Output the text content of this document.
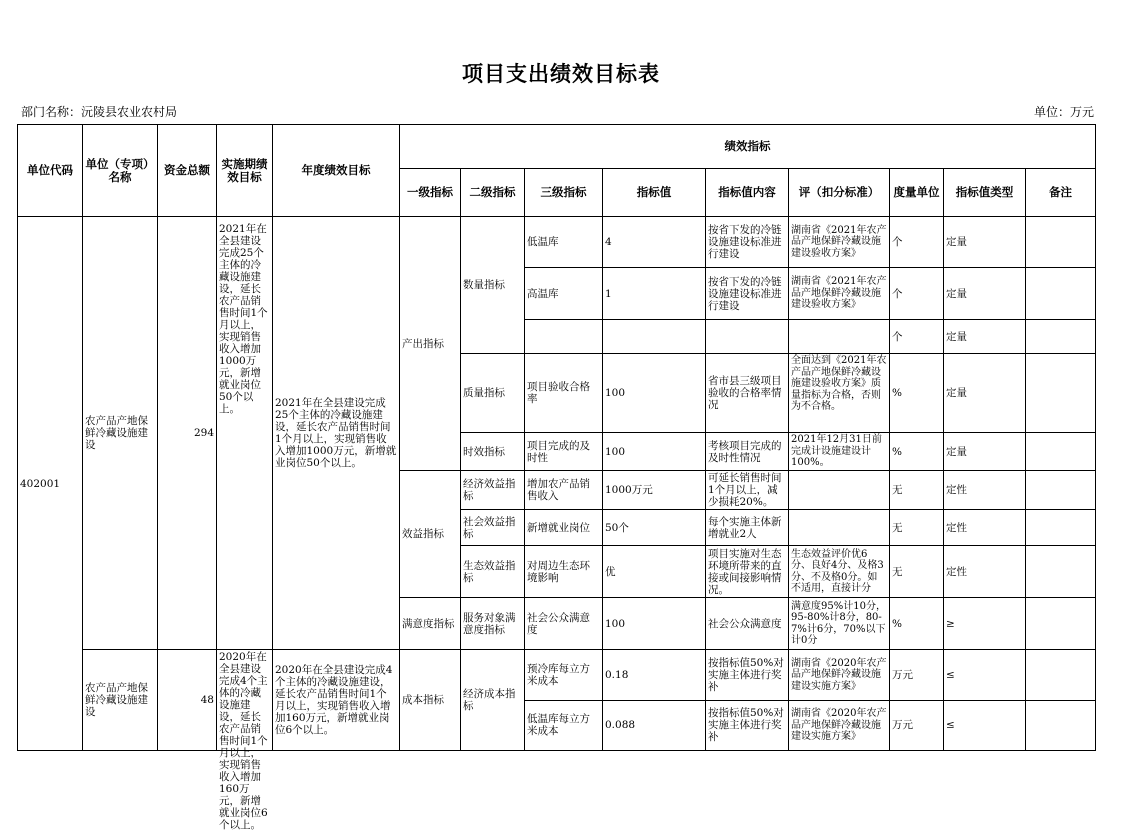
项目支出绩效目标表
部门名称：沅陵县农业农村局	单位：万元
单位代码	单位（专项）名称	资金总额	实施期绩效目标	年度绩效目标	绩效指标								
					一级指标	二级指标	三级指标	指标值	指标值内容	评（扣分标准）	度量单位	指标值类型	备注
402001	农产品产地保鲜冷藏设施建设	294	2021年在全县建设完成25个主体的冷藏设施建设，延长农产品销售时间1个月以上，实现销售收入增加1000万元，新增就业岗位50个以上。	2021年在全县建设完成25个主体的冷藏设施建设，延长农产品销售时间1个月以上，实现销售收入增加1000万元，新增就业岗位50个以上。	产出指标	数量指标	低温库	4	按省下发的冷链设施建设标准进行建设	湖南省《2021年农产品产地保鲜冷藏设施建设验收方案》	个	定量	
							高温库	1	按省下发的冷链设施建设标准进行建设	湖南省《2021年农产品产地保鲜冷藏设施建设验收方案》	个	定量	
											个	定量	
						质量指标	项目验收合格率	100	省市县三级项目验收的合格率情况	全面达到《2021年农产品产地保鲜冷藏设施建设验收方案》质量指标为合格，否则为不合格。	%	定量	
						时效指标	项目完成的及时性	100	考核项目完成的及时性情况	2021年12月31日前完成计设施建设计100%。	%	定量	
					效益指标	经济效益指标	增加农产品销售收入	1000万元	可延长销售时间1个月以上，减少损耗20%。		无	定性	
						社会效益指标	新增就业岗位	50个	每个实施主体新增就业2人		无	定性	
						生态效益指标	对周边生态环境影响	优	项目实施对生态环境所带来的直接或间接影响情况。	生态效益评价优6分、良好4分、及格3分、不及格0分。如不适用，直接计分	无	定性	
					满意度指标	服务对象满意度指标	社会公众满意度	100	社会公众满意度	满意度95%计10分，95-80%计8分，80-7%计6分，70%以下计0分	%	≥	
	农产品产地保鲜冷藏设施建设	48	2020年在全县建设完成4个主体的冷藏设施建设，延长农产品销售时间1个月以上，实现销售收入增加160万元，新增就业岗位6个以上。	2020年在全县建设完成4个主体的冷藏设施建设，延长农产品销售时间1个月以上，实现销售收入增加160万元，新增就业岗位6个以上。	成本指标	经济成本指标	预冷库每立方米成本	0.18	按指标值50%对实施主体进行奖补	湖南省《2020年农产品产地保鲜冷藏设施建设实施方案》	万元	≤	
							低温库每立方米成本	0.088	按指标值50%对实施主体进行奖补	湖南省《2020年农产品产地保鲜冷藏设施建设实施方案》	万元	≤	
